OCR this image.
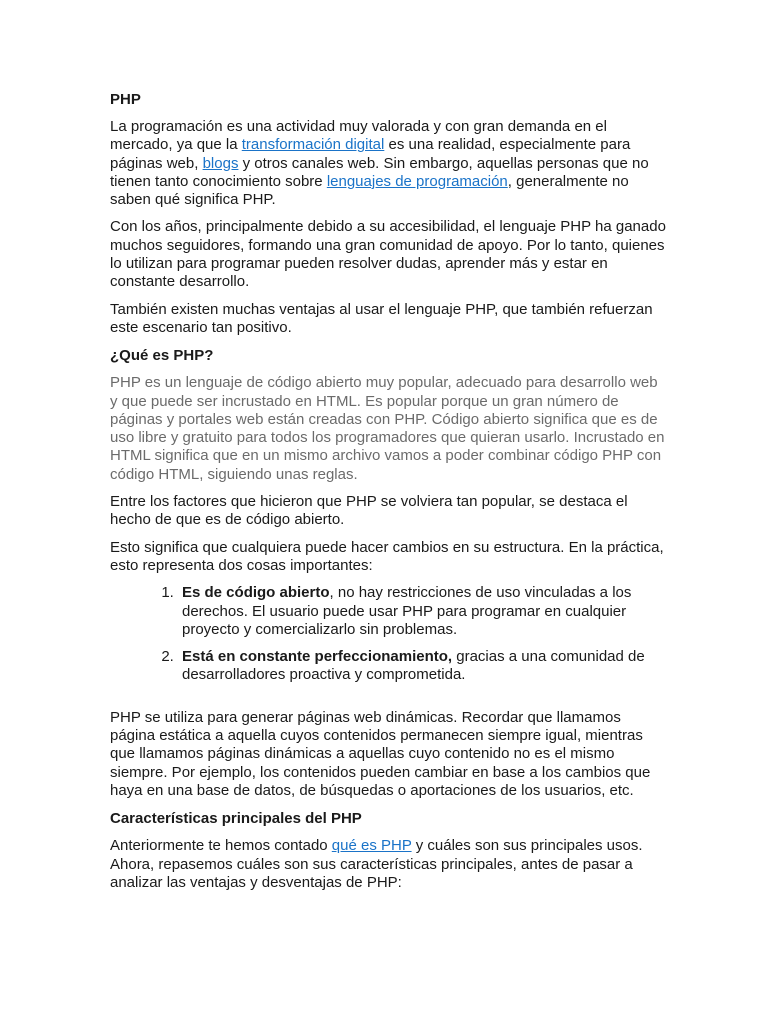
PHP

La programación es una actividad muy valorada y con gran demanda en el mercado, ya que la transformación digital es una realidad, especialmente para páginas web, blogs y otros canales web. Sin embargo, aquellas personas que no tienen tanto conocimiento sobre lenguajes de programación, generalmente no saben qué significa PHP.

Con los años, principalmente debido a su accesibilidad, el lenguaje PHP ha ganado muchos seguidores, formando una gran comunidad de apoyo. Por lo tanto, quienes lo utilizan para programar pueden resolver dudas, aprender más y estar en constante desarrollo.

También existen muchas ventajas al usar el lenguaje PHP, que también refuerzan este escenario tan positivo.

¿Qué es PHP?

PHP es un lenguaje de código abierto muy popular, adecuado para desarrollo web y que puede ser incrustado en HTML. Es popular porque un gran número de páginas y portales web están creadas con PHP. Código abierto significa que es de uso libre y gratuito para todos los programadores que quieran usarlo. Incrustado en HTML significa que en un mismo archivo vamos a poder combinar código PHP con código HTML, siguiendo unas reglas.

Entre los factores que hicieron que PHP se volviera tan popular, se destaca el hecho de que es de código abierto.

Esto significa que cualquiera puede hacer cambios en su estructura. En la práctica, esto representa dos cosas importantes:

1. Es de código abierto, no hay restricciones de uso vinculadas a los derechos. El usuario puede usar PHP para programar en cualquier proyecto y comercializarlo sin problemas.
2. Está en constante perfeccionamiento, gracias a una comunidad de desarrolladores proactiva y comprometida.

PHP se utiliza para generar páginas web dinámicas. Recordar que llamamos página estática a aquella cuyos contenidos permanecen siempre igual, mientras que llamamos páginas dinámicas a aquellas cuyo contenido no es el mismo siempre. Por ejemplo, los contenidos pueden cambiar en base a los cambios que haya en una base de datos, de búsquedas o aportaciones de los usuarios, etc.

Características principales del PHP

Anteriormente te hemos contado qué es PHP y cuáles son sus principales usos. Ahora, repasemos cuáles son sus características principales, antes de pasar a analizar las ventajas y desventajas de PHP:
